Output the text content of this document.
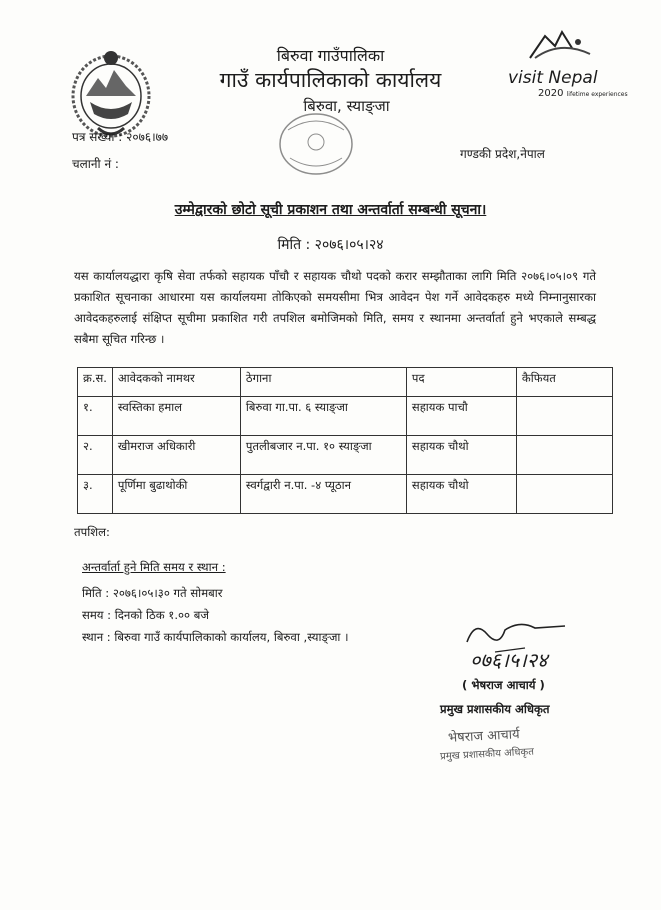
visit Nepal
2020 lifetime experiences
बिरुवा गाउँपालिका
गाउँ कार्यपालिकाको कार्यालय
बिरुवा, स्याङ्जा
पत्र सख्या : २०७६।७७
चलानी नं :
गण्डकी प्रदेश,नेपाल
उम्मेद्वारको छोटो सूची प्रकाशन तथा अन्तर्वार्ता सम्बन्धी सूचना।
मिति : २०७६।०५।२४
यस कार्यालयद्धारा कृषि सेवा तर्फको सहायक पाँचौ र सहायक चौथो पदको करार सम्झौताका लागि मिति २०७६।०५।०९ गते प्रकाशित सूचनाका आधारमा यस कार्यालयमा तोकिएको समयसीमा भित्र आवेदन पेश गर्ने आवेदकहरु मध्ये निम्नानुसारका आवेदकहरुलाई संक्षिप्त सूचीमा प्रकाशित गरी तपशिल बमोजिमको मिति, समय र स्थानमा अन्तर्वार्ता हुने भएकाले सम्बद्ध सबैमा सूचित गरिन्छ ।
क्र.स.	आवेदकको नामथर	ठेगाना	पद	कैफियत
१.	स्वस्तिका हमाल	बिरुवा गा.पा. ६ स्याङ्जा	सहायक पाचौ	
२.	खीमराज अधिकारी	पुतलीबजार न.पा. १० स्याङ्जा	सहायक चौथो	
३.	पूर्णिमा बुढाथोकी	स्वर्गद्वारी न.पा. -४ प्यूठान	सहायक चौथो	
तपशिल:
अन्तर्वार्ता हुने मिति समय र स्थान :
मिति : २०७६।०५।३० गते सोमबार
समय : दिनको ठिक १.०० बजे
स्थान : बिरुवा गाउँ कार्यपालिकाको कार्यालय, बिरुवा ,स्याङ्जा ।
०७६।५।२४
( भेषराज आचार्य )
प्रमुख प्रशासकीय अधिकृत
भेषराज आचार्य
प्रमुख प्रशासकीय अधिकृत
